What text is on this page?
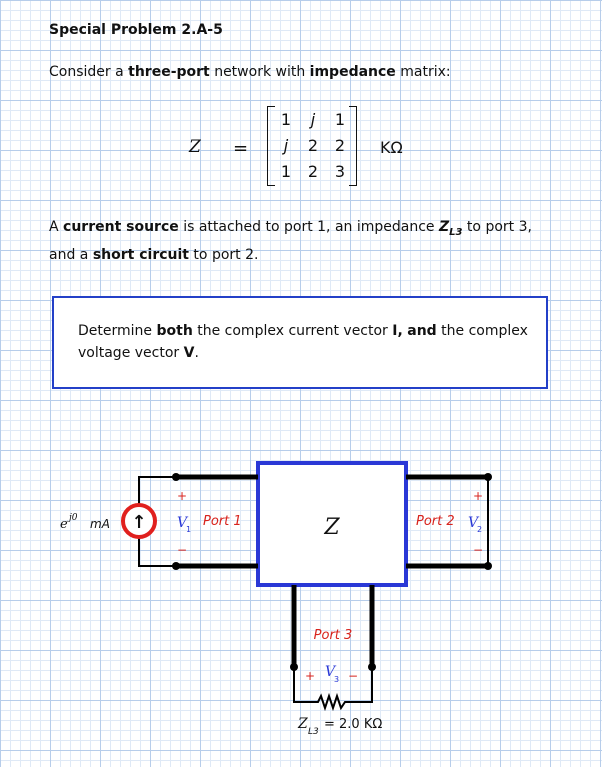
Special Problem 2.A-5
Consider a three-port network with impedance matrix:
Z =
1	j	1
j	2	2
1	2	3
KΩ
A current source is attached to port 1, an impedance $Z_{L3}$ to port 3, and a short circuit to port 2.
Determine both the complex current vector I, and the complex voltage vector V.
Z
↑
e j0 mA
+
−
V
1
Port 1
+
−
Port 2 V
2
Port 3
+ V
3 −
Z L3 = 2.0 KΩ
